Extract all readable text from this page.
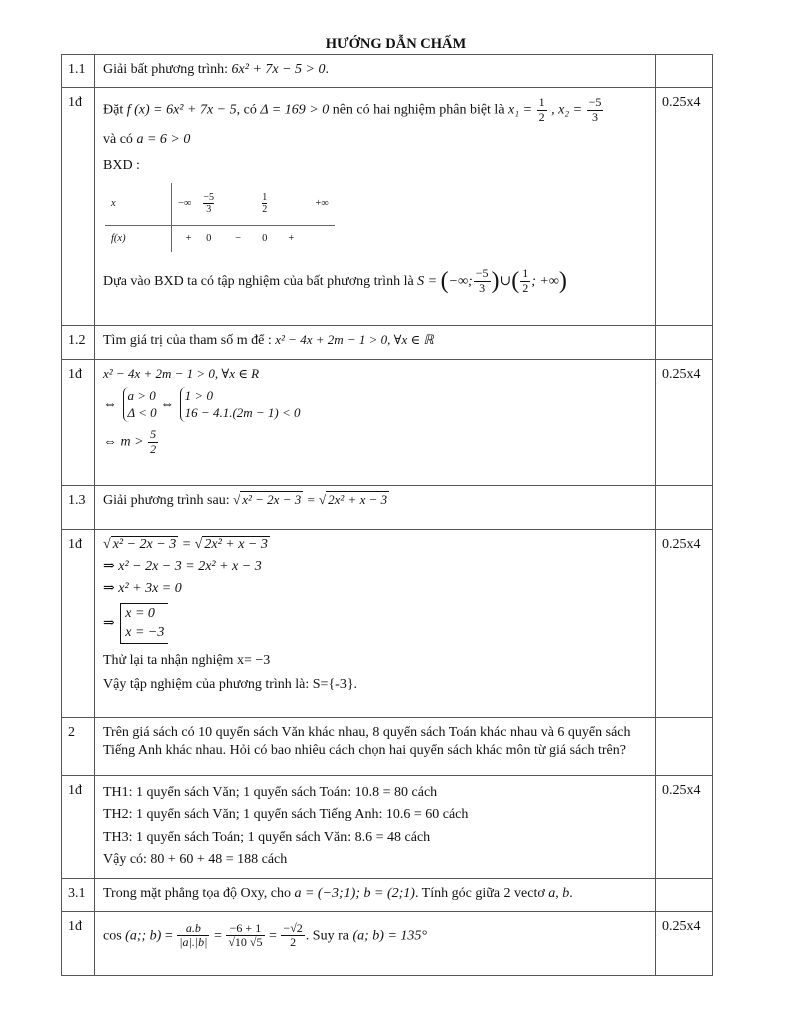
HƯỚNG DẪN CHẤM
1.1	Giải bất phương trình: 6x² + 7x − 5 > 0.	
1đ	
Đặt f (x) = 6x² + 7x − 5, có Δ = 169 > 0 nên có hai nghiệm phân biệt là $x_1 = \frac{1}{2}$ , $x_2 = \frac{-5}{3}$
và có a = 6 > 0
BXD :
x	−∞	$\frac{-5}{3}$		$\frac{1}{2}$		+∞
f(x)	+	0	−	0	+	
Dựa vào BXD ta có tập nghiệm của bất phương trình là S = (−∞; $\frac{-5}{3}$ )∪( $\frac{1}{2}$ ; +∞)
	0.25x4
1.2	Tìm giá trị của tham số m để : x² − 4x + 2m − 1 > 0, ∀x ∈ ℝ	
1đ	x² − 4x + 2m − 1 > 0, ∀x ∈ R
⇔
a > 0
Δ < 0
⇔
1 > 0
16 − 4.1.(2m − 1) < 0
⇔ $m > \frac{5}{2}$
	0.25x4
1.3	Giải phương trình sau: √ x² − 2x − 3 = √ 2x² + x − 3	
1đ	√ x² − 2x − 3 = √ 2x² + x − 3
⇒ x² − 2x − 3 = 2x² + x − 3
⇒ x² + 3x = 0
⇒
x = 0
x = −3
Thử lại ta nhận nghiệm x= −3
Vậy tập nghiệm của phương trình là: S={-3}.
	0.25x4
2	Trên giá sách có 10 quyển sách Văn khác nhau, 8 quyển sách Toán khác nhau và 6 quyển sách Tiếng Anh khác nhau. Hỏi có bao nhiêu cách chọn hai quyển sách khác môn từ giá sách trên?	
1đ	TH1: 1 quyển sách Văn; 1 quyển sách Toán: 10.8 = 80 cách
TH2: 1 quyển sách Văn; 1 quyển sách Tiếng Anh: 10.6 = 60 cách
TH3: 1 quyển sách Toán; 1 quyển sách Văn: 8.6 = 48 cách
Vậy có: 80 + 60 + 48 = 188 cách
	0.25x4
3.1	Trong mặt phẳng tọa độ Oxy, cho a = (−3;1); b = (2;1). Tính góc giữa 2 vectơ a, b.	
1đ	
cos (a;; $b) = \frac{a.b}{|a|.|b|} = \frac{-6 + 1}{√10 √5} = \frac{-√2}{2}$ . Suy ra (a; b) = 135°
	0.25x4
